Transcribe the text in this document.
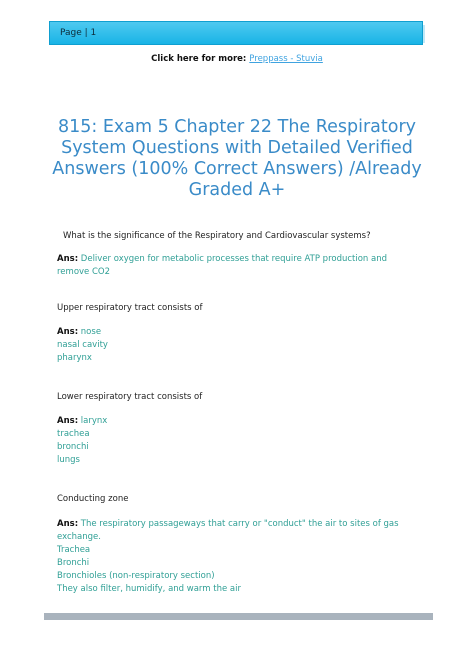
Page | 1
Click here for more: Preppass - Stuvia
815: Exam 5 Chapter 22 The Respiratory System Questions with Detailed Verified Answers (100% Correct Answers) /Already Graded A+
What is the significance of the Respiratory and Cardiovascular systems?
Ans: Deliver oxygen for metabolic processes that require ATP production and
remove CO2
Upper respiratory tract consists of
Ans: nose
nasal cavity
pharynx
Lower respiratory tract consists of
Ans: larynx
trachea
bronchi
lungs
Conducting zone
Ans: The respiratory passageways that carry or "conduct" the air to sites of gas
exchange.
Trachea
Bronchi
Bronchioles (non-respiratory section)
They also filter, humidify, and warm the air
